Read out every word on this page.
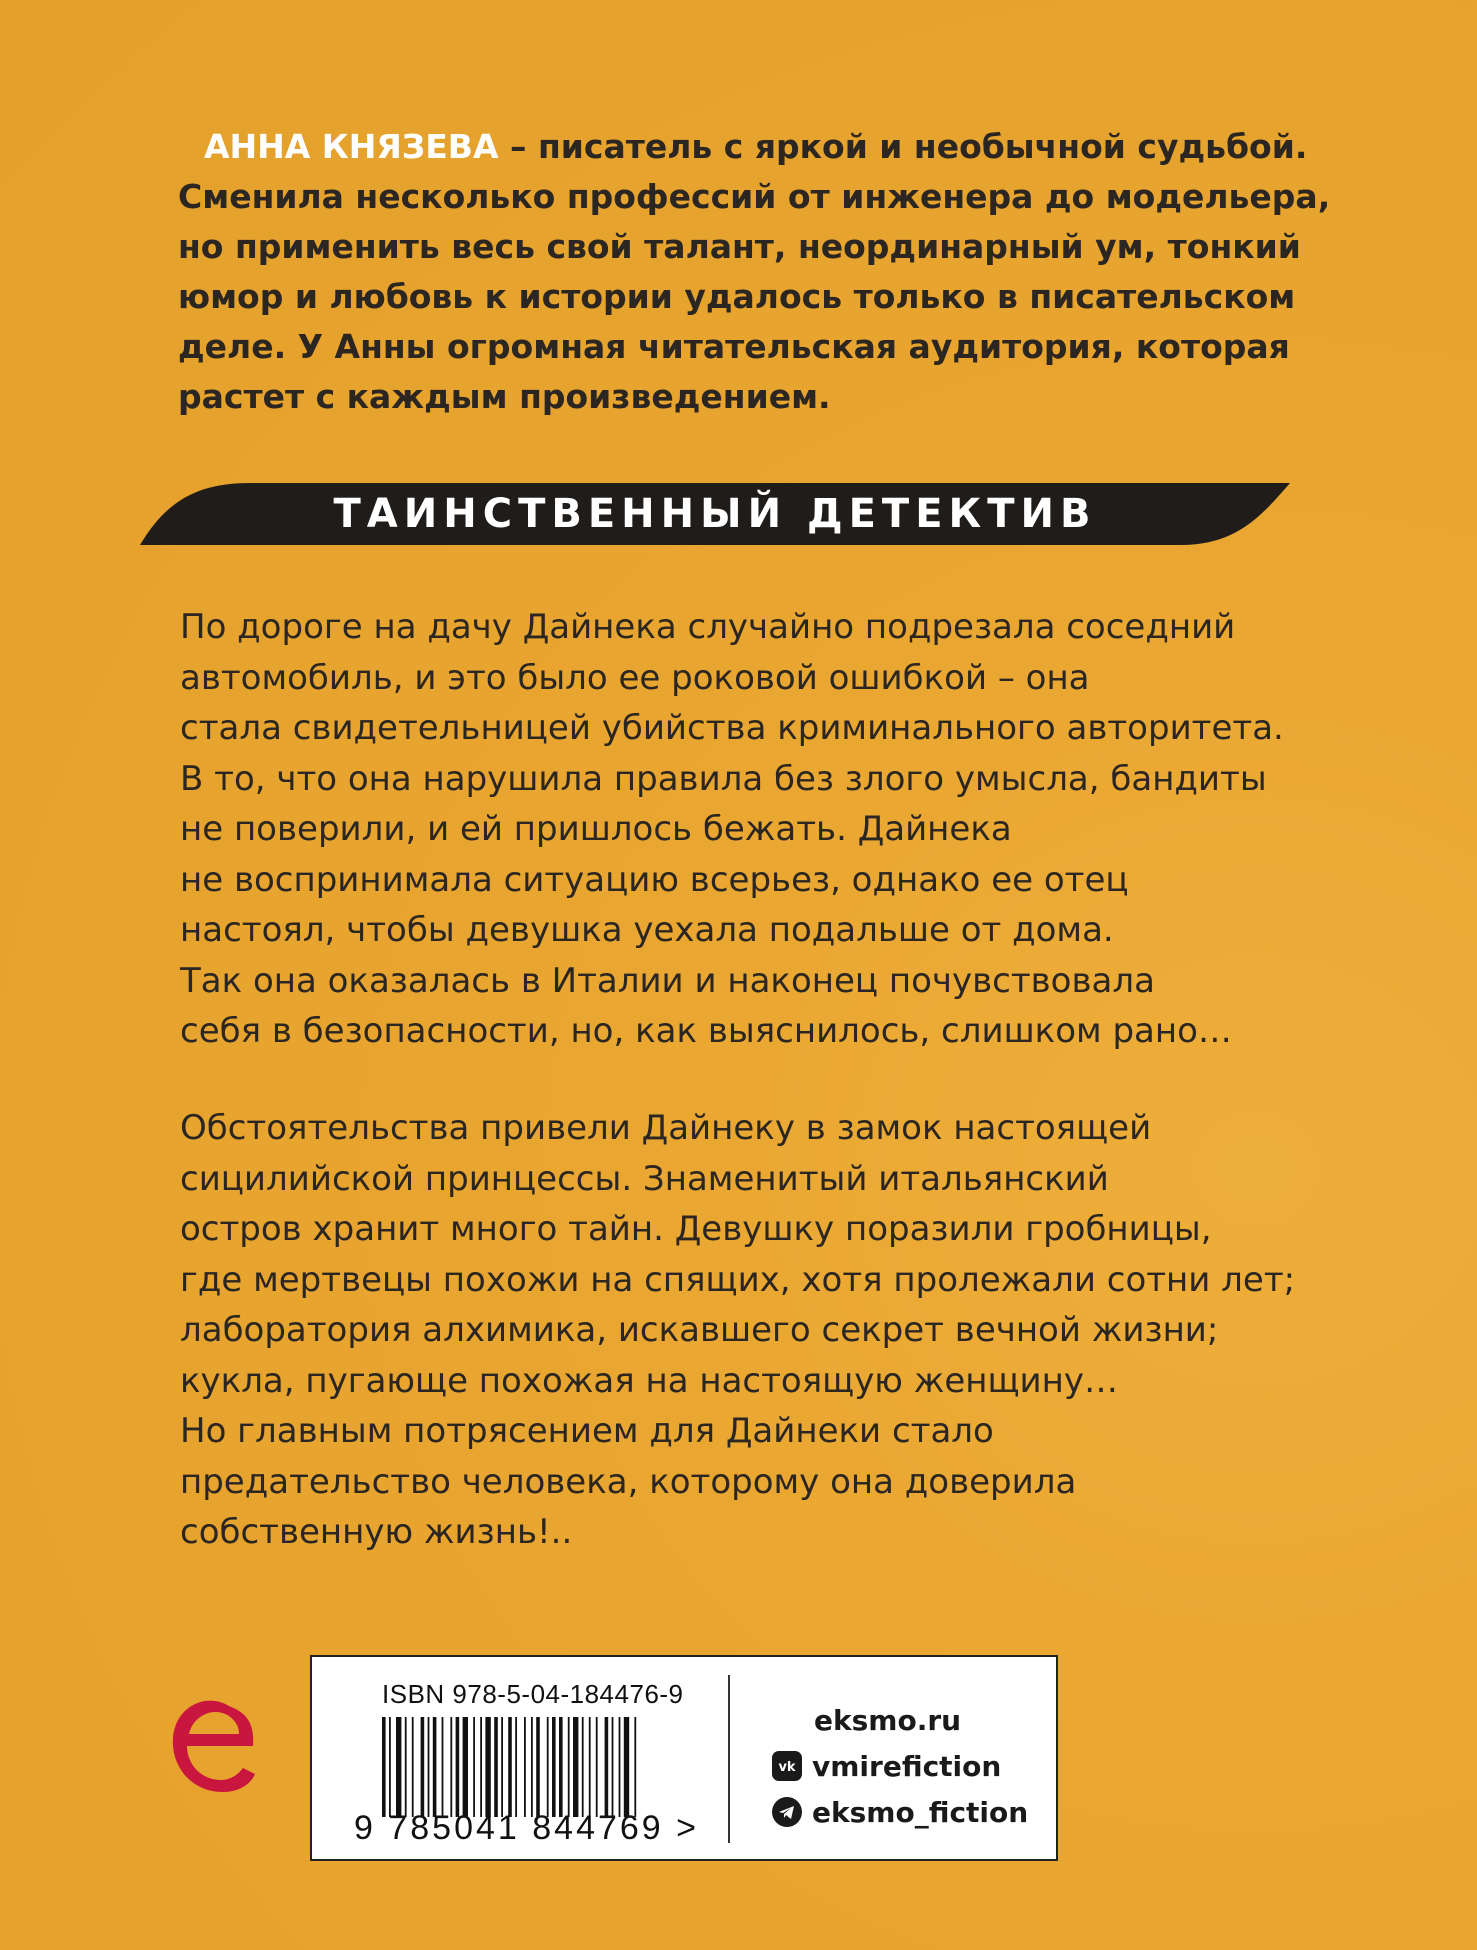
АННА КНЯЗЕВА – писатель с яркой и необычной судьбой.
Сменила несколько профессий от инженера до модельера,
но применить весь свой талант, неординарный ум, тонкий
юмор и любовь к истории удалось только в писательском
деле. У Анны огромная читательская аудитория, которая
растет с каждым произведением.
ТАИНСТВЕННЫЙ ДЕТЕКТИВ
По дороге на дачу Дайнека случайно подрезала соседний
автомобиль, и это было ее роковой ошибкой – она
стала свидетельницей убийства криминального авторитета.
В то, что она нарушила правила без злого умысла, бандиты
не поверили, и ей пришлось бежать. Дайнека
не воспринимала ситуацию всерьез, однако ее отец
настоял, чтобы девушка уехала подальше от дома.
Так она оказалась в Италии и наконец почувствовала
себя в безопасности, но, как выяснилось, слишком рано…
Обстоятельства привели Дайнеку в замок настоящей
сицилийской принцессы. Знаменитый итальянский
остров хранит много тайн. Девушку поразили гробницы,
где мертвецы похожи на спящих, хотя пролежали сотни лет;
лаборатория алхимика, искавшего секрет вечной жизни;
кукла, пугающе похожая на настоящую женщину…
Но главным потрясением для Дайнеки стало
предательство человека, которому она доверила
собственную жизнь!..
ISBN 978-5-04-184476-9
9 785041 844769 >
eksmo.ru
vk vmirefiction
eksmo_fiction
